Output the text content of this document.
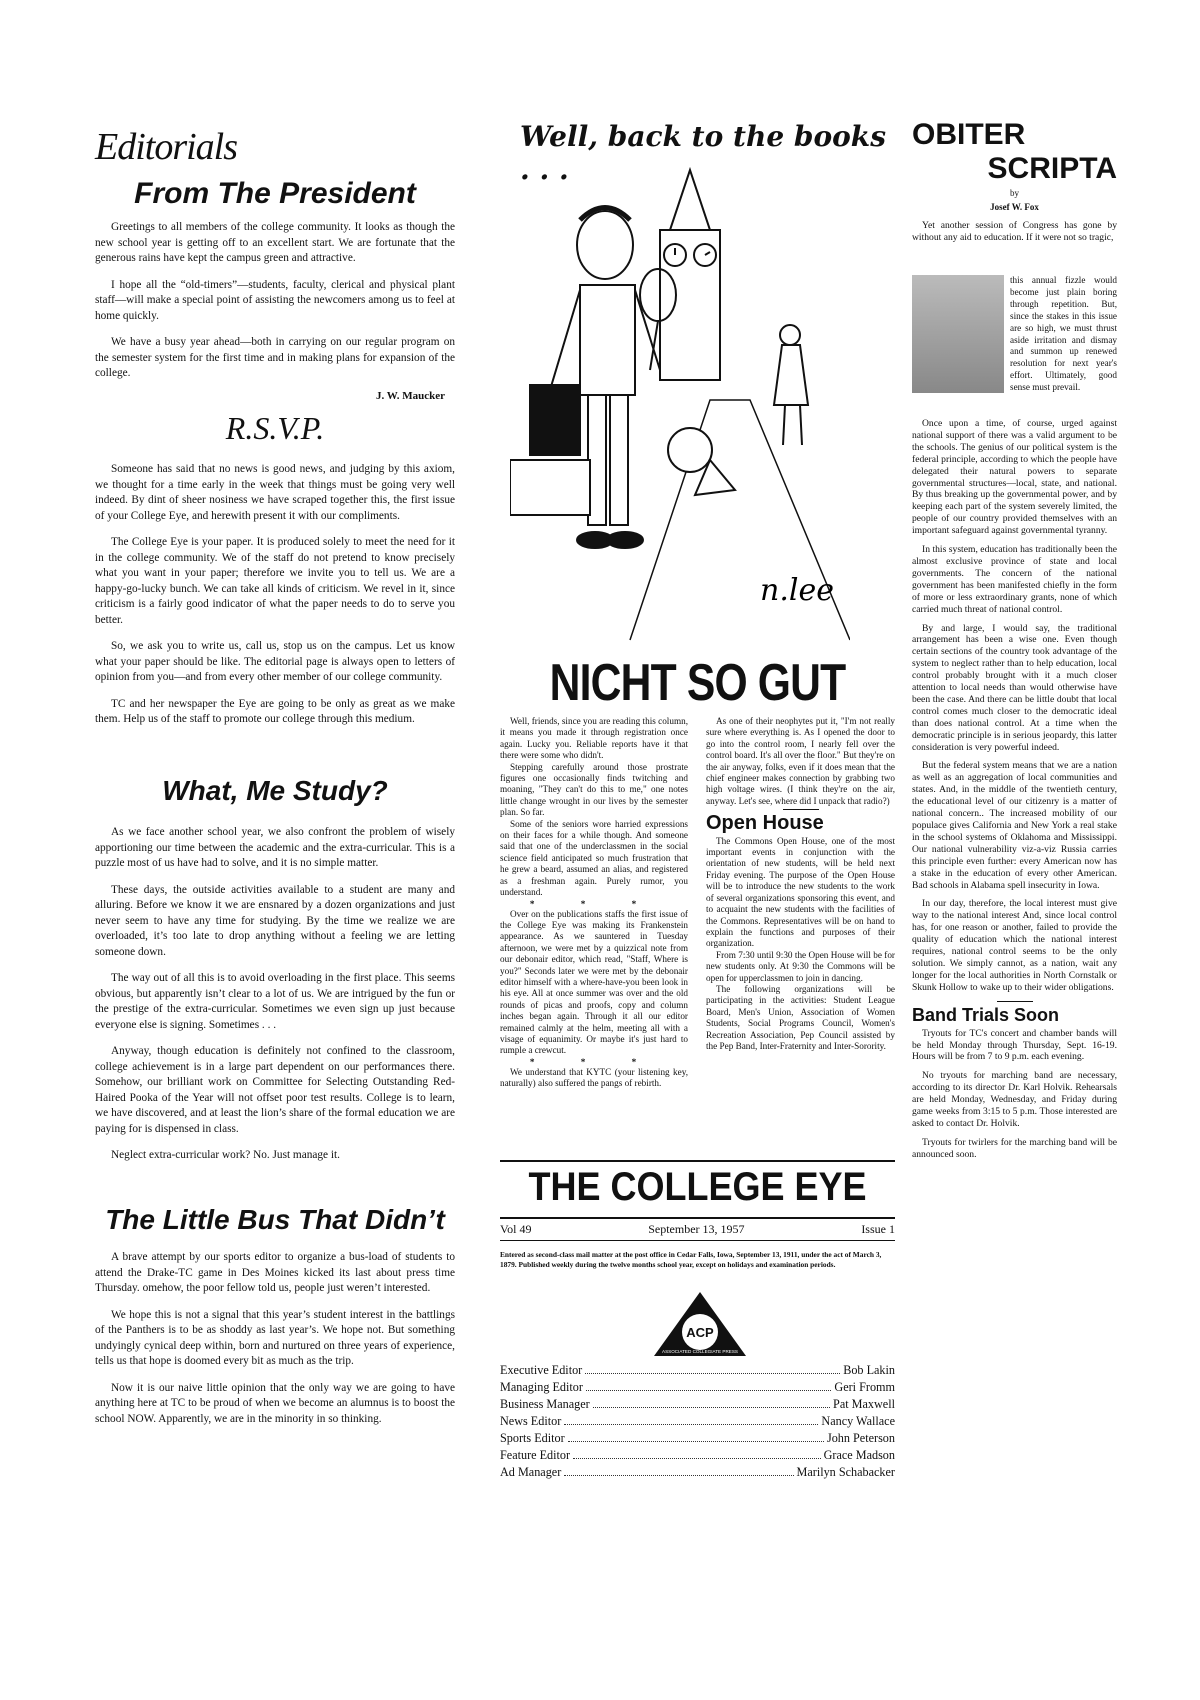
Editorials
From The President

Greetings to all members of the college community. It looks as though the new school year is getting off to an excellent start. We are fortunate that the generous rains have kept the campus green and attractive.

I hope all the “old-timers”—students, faculty, clerical and physical plant staff—will make a special point of assisting the newcomers among us to feel at home quickly.

We have a busy year ahead—both in carrying on our regular program on the semester system for the first time and in making plans for expansion of the college.

J. W. Maucker
R.S.V.P.

Someone has said that no news is good news, and judging by this axiom, we thought for a time early in the week that things must be going very well indeed. By dint of sheer nosiness we have scraped together this, the first issue of your College Eye, and herewith present it with our compliments.

The College Eye is your paper. It is produced solely to meet the need for it in the college community. We of the staff do not pretend to know precisely what you want in your paper; therefore we invite you to tell us. We are a happy-go-lucky bunch. We can take all kinds of criticism. We revel in it, since criticism is a fairly good indicator of what the paper needs to do to serve you better.

So, we ask you to write us, call us, stop us on the campus. Let us know what your paper should be like. The editorial page is always open to letters of opinion from you—and from every other member of our college community.

TC and her newspaper the Eye are going to be only as great as we make them. Help us of the staff to promote our college through this medium.

What, Me Study?

As we face another school year, we also confront the problem of wisely apportioning our time between the academic and the extra-curricular. This is a puzzle most of us have had to solve, and it is no simple matter.

These days, the outside activities available to a student are many and alluring. Before we know it we are ensnared by a dozen organizations and just never seem to have any time for studying. By the time we realize we are overloaded, it’s too late to drop anything without a feeling we are letting someone down.

The way out of all this is to avoid overloading in the first place. This seems obvious, but apparently isn’t clear to a lot of us. We are intrigued by the fun or the prestige of the extra-curricular. Sometimes we even sign up just because everyone else is signing. Sometimes . . .

Anyway, though education is definitely not confined to the classroom, college achievement is in a large part dependent on our performances there. Somehow, our brilliant work on Committee for Selecting Outstanding Red-Haired Pooka of the Year will not offset poor test results. College is to learn, we have discovered, and at least the lion’s share of the formal education we are paying for is dispensed in class.

Neglect extra-curricular work? No. Just manage it.

The Little Bus That Didn’t

A brave attempt by our sports editor to organize a bus-load of students to attend the Drake-TC game in Des Moines kicked its last about press time Thursday. omehow, the poor fellow told us, people just weren’t interested.

We hope this is not a signal that this year’s student interest in the battlings of the Panthers is to be as shoddy as last year’s. We hope not. But something undyingly cynical deep within, born and nurtured on three years of experience, tells us that hope is doomed every bit as much as the trip.

Now it is our naive little opinion that the only way we are going to have anything here at TC to be proud of when we become an alumnus is to boost the school NOW. Apparently, we are in the minority in so thinking.

Well, back to the books . . .
n.lee
NICHT SO GUT

Well, friends, since you are reading this column, it means you made it through registration once again. Lucky you. Reliable reports have it that there were some who didn't.

Stepping carefully around those prostrate figures one occasionally finds twitching and moaning, "They can't do this to me," one notes little change wrought in our lives by the semester plan. So far.

Some of the seniors wore harried expressions on their faces for a while though. And someone said that one of the underclassmen in the social science field anticipated so much frustration that he grew a beard, assumed an alias, and registered as a freshman again. Purely rumor, you understand.

* * *

Over on the publications staffs the first issue of the College Eye was making its Frankenstein appearance. As we sauntered in Tuesday afternoon, we were met by a quizzical note from our debonair editor, which read, "Staff, Where is you?" Seconds later we were met by the debonair editor himself with a where-have-you been look in his eye. All at once summer was over and the old rounds of picas and proofs, copy and column inches began again. Through it all our editor remained calmly at the helm, meeting all with a visage of equanimity. Or maybe it's just hard to rumple a crewcut.

* * *

We understand that KYTC (your listening key, naturally) also suffered the pangs of rebirth.

As one of their neophytes put it, "I'm not really sure where everything is. As I opened the door to go into the control room, I nearly fell over the control board. It's all over the floor." But they're on the air anyway, folks, even if it does mean that the chief engineer makes connection by grabbing two high voltage wires. (I think they're on the air, anyway. Let's see, where did I unpack that radio?)

Open House

The Commons Open House, one of the most important events in conjunction with the orientation of new students, will be held next Friday evening. The purpose of the Open House will be to introduce the new students to the work of several organizations sponsoring this event, and to acquaint the new students with the facilities of the Commons. Representatives will be on hand to explain the functions and purposes of their organization.

From 7:30 until 9:30 the Open House will be for new students only. At 9:30 the Commons will be open for upperclassmen to join in dancing.

The following organizations will be participating in the activities: Student League Board, Men's Union, Association of Women Students, Social Programs Council, Women's Recreation Association, Pep Council assisted by the Pep Band, Inter-Fraternity and Inter-Sorority.

THE COLLEGE EYE
Vol 49	September 13, 1957	Issue 1
Entered as second-class mail matter at the post office in Cedar Falls, Iowa, September 13, 1911, under the act of March 3, 1879. Published weekly during the twelve months school year, except on holidays and examination periods.
ACP
ASSOCIATED COLLEGIATE PRESS
Executive Editor	Bob Lakin
Managing Editor	Geri Fromm
Business Manager	Pat Maxwell
News Editor	Nancy Wallace
Sports Editor	John Peterson
Feature Editor	Grace Madson
Ad Manager	Marilyn Schabacker
OBITER
SCRIPTA
by
Josef W. Fox

Yet another session of Congress has gone by without any aid to education. If it were not so tragic,

this annual fizzle would become just plain boring through repetition. But, since the stakes in this issue are so high, we must thrust aside irritation and dismay and summon up renewed resolution for next year's effort. Ultimately, good sense must prevail.

Once upon a time, of course, urged against national support of there was a valid argument to be the schools. The genius of our political system is the federal principle, according to which the people have delegated their natural powers to separate governmental structures—local, state, and national. By thus breaking up the governmental power, and by keeping each part of the system severely limited, the people of our country provided themselves with an important safeguard against governmental tyranny.

In this system, education has traditionally been the almost exclusive province of state and local governments. The concern of the national government has been manifested chiefly in the form of more or less extraordinary grants, none of which carried much threat of national control.

By and large, I would say, the traditional arrangement has been a wise one. Even though certain sections of the country took advantage of the system to neglect rather than to help education, local control probably brought with it a much closer attention to local needs than would otherwise have been the case. And there can be little doubt that local control comes much closer to the democratic ideal than does national control. At a time when the democratic principle is in serious jeopardy, this latter consideration is very powerful indeed.

But the federal system means that we are a nation as well as an aggregation of local communities and states. And, in the middle of the twentieth century, the educational level of our citizenry is a matter of national concern.. The increased mobility of our populace gives California and New York a real stake in the school systems of Oklahoma and Mississippi. Our national vulnerability viz-a-viz Russia carries this principle even further: every American now has a stake in the education of every other American. Bad schools in Alabama spell insecurity in Iowa.

In our day, therefore, the local interest must give way to the national interest And, since local control has, for one reason or another, failed to provide the quality of education which the national interest requires, national control seems to be the only solution. We simply cannot, as a nation, wait any longer for the local authorities in North Cornstalk or Skunk Hollow to wake up to their wider obligations.

Band Trials Soon

Tryouts for TC's concert and chamber bands will be held Monday through Thursday, Sept. 16-19. Hours will be from 7 to 9 p.m. each evening.

No tryouts for marching band are necessary, according to its director Dr. Karl Holvik. Rehearsals are held Monday, Wednesday, and Friday during game weeks from 3:15 to 5 p.m. Those interested are asked to contact Dr. Holvik.

Tryouts for twirlers for the marching band will be announced soon.
